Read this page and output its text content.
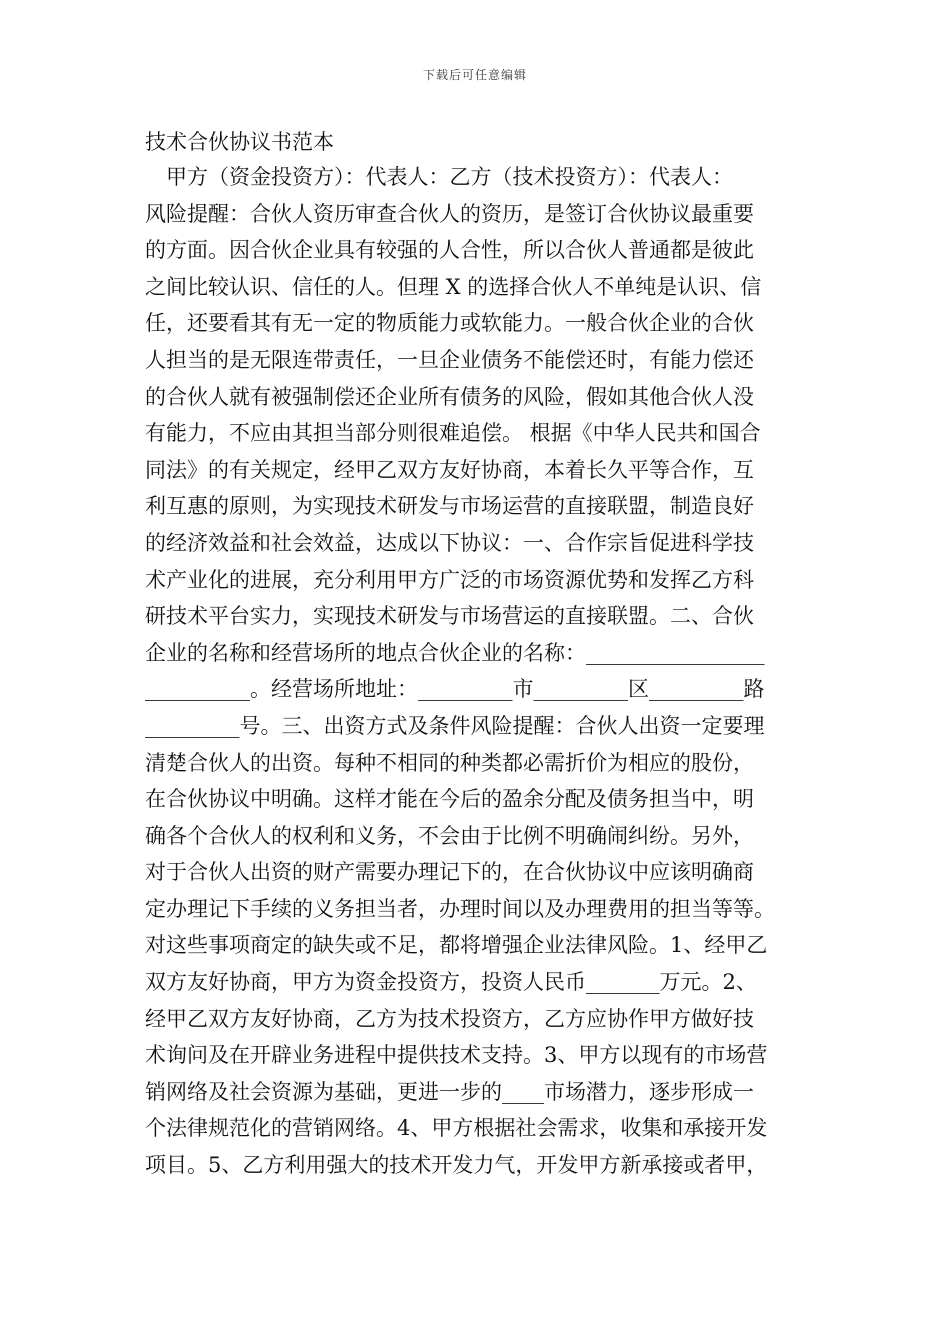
下载后可任意编辑
技术合伙协议书范本
甲方（资金投资方）：代表人：乙方（技术投资方）：代表人：
风险提醒：合伙人资历审查合伙人的资历，是签订合伙协议最重要
的方面。因合伙企业具有较强的人合性，所以合伙人普通都是彼此
之间比较认识、信任的人。但理 X 的选择合伙人不单纯是认识、信
任，还要看其有无一定的物质能力或软能力。一般合伙企业的合伙
人担当的是无限连带责任，一旦企业债务不能偿还时，有能力偿还
的合伙人就有被强制偿还企业所有债务的风险，假如其他合伙人没
有能力，不应由其担当部分则很难追偿。 根据《中华人民共和国合
同法》的有关规定，经甲乙双方友好协商，本着长久平等合作，互
利互惠的原则，为实现技术研发与市场运营的直接联盟，制造良好
的经济效益和社会效益，达成以下协议：一、合作宗旨促进科学技
术产业化的进展，充分利用甲方广泛的市场资源优势和发挥乙方科
研技术平台实力，实现技术研发与市场营运的直接联盟。二、合伙
企业的名称和经营场所的地点合伙企业的名称：_________________
__________。经营场所地址：_________市_________区_________路
_________号。三、出资方式及条件风险提醒：合伙人出资一定要理
清楚合伙人的出资。每种不相同的种类都必需折价为相应的股份，
在合伙协议中明确。这样才能在今后的盈余分配及债务担当中，明
确各个合伙人的权利和义务，不会由于比例不明确闹纠纷。另外，
对于合伙人出资的财产需要办理记下的，在合伙协议中应该明确商
定办理记下手续的义务担当者，办理时间以及办理费用的担当等等。
对这些事项商定的缺失或不足，都将增强企业法律风险。1、经甲乙
双方友好协商，甲方为资金投资方，投资人民币_______万元。2、
经甲乙双方友好协商，乙方为技术投资方，乙方应协作甲方做好技
术询问及在开辟业务进程中提供技术支持。3、甲方以现有的市场营
销网络及社会资源为基础，更进一步的____市场潜力，逐步形成一
个法律规范化的营销网络。4、甲方根据社会需求，收集和承接开发
项目。5、乙方利用强大的技术开发力气，开发甲方新承接或者甲，
